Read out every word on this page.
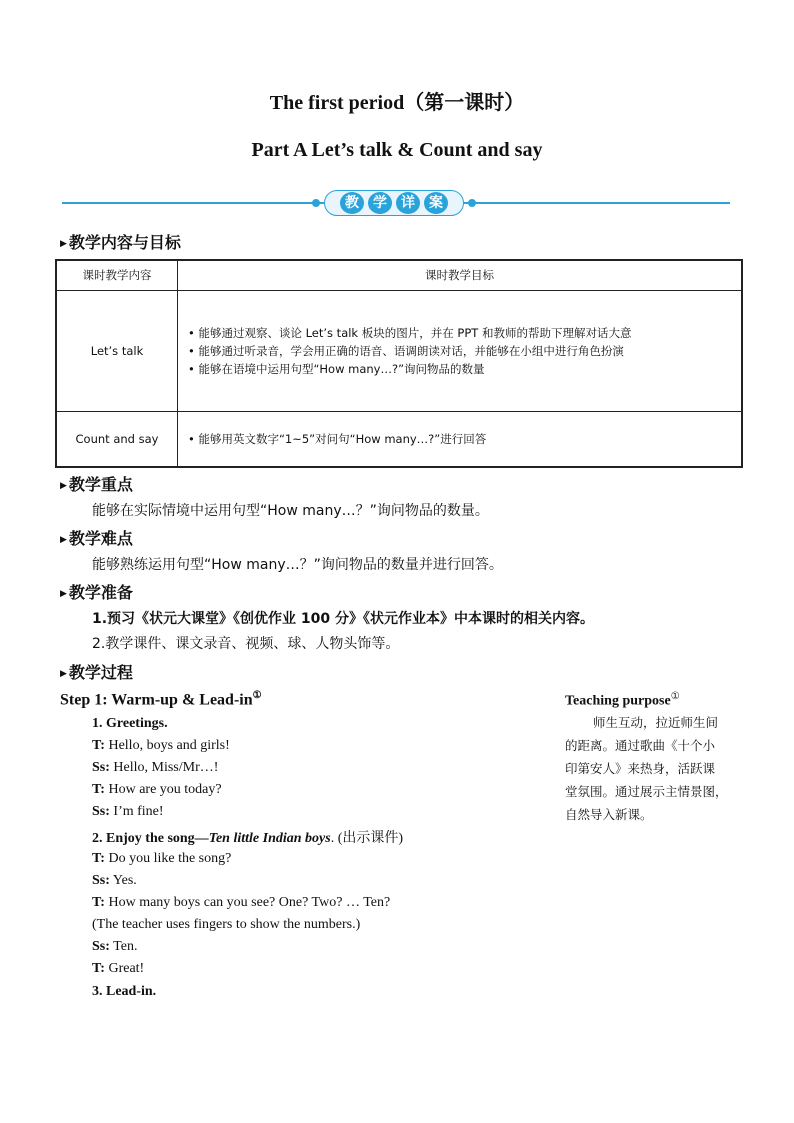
The first period（第一课时）
Part A Let’s talk & Count and say
教	学	详	案
▶ 教学内容与目标
课时教学内容	课时教学目标
Let’s talk	• 能够通过观察、谈论 Let’s talk 板块的图片，并在 PPT 和教师的帮助下理解对话大意
• 能够通过听录音，学会用正确的语音、语调朗读对话，并能够在小组中进行角色扮演
• 能够在语境中运用句型“How many…?”询问物品的数量

Count and say	• 能够用英文数字“1~5”对问句“How many…?”进行回答
▶ 教学重点
能够在实际情境中运用句型“How many…？”询问物品的数量。
▶ 教学难点
能够熟练运用句型“How many…？”询问物品的数量并进行回答。
▶ 教学准备
1.预习《状元大课堂》《创优作业 100 分》《状元作业本》中本课时的相关内容。
2.教学课件、课文录音、视频、球、人物头饰等。
▶ 教学过程
Step 1: Warm-up & Lead-in①
1. Greetings.
T: Hello, boys and girls!
Ss: Hello, Miss/Mr…!
T: How are you today?
Ss: I’m fine!
2. Enjoy the song—Ten little Indian boys. (出示课件)
T: Do you like the song?
Ss: Yes.
T: How many boys can you see? One? Two? … Ten?
(The teacher uses fingers to show the numbers.)
Ss: Ten.
T: Great!
3. Lead-in.
Teaching purpose①
师生互动，拉近师生间
的距离。通过歌曲《十个小
印第安人》来热身，活跃课
堂氛围。通过展示主情景图，
自然导入新课。
